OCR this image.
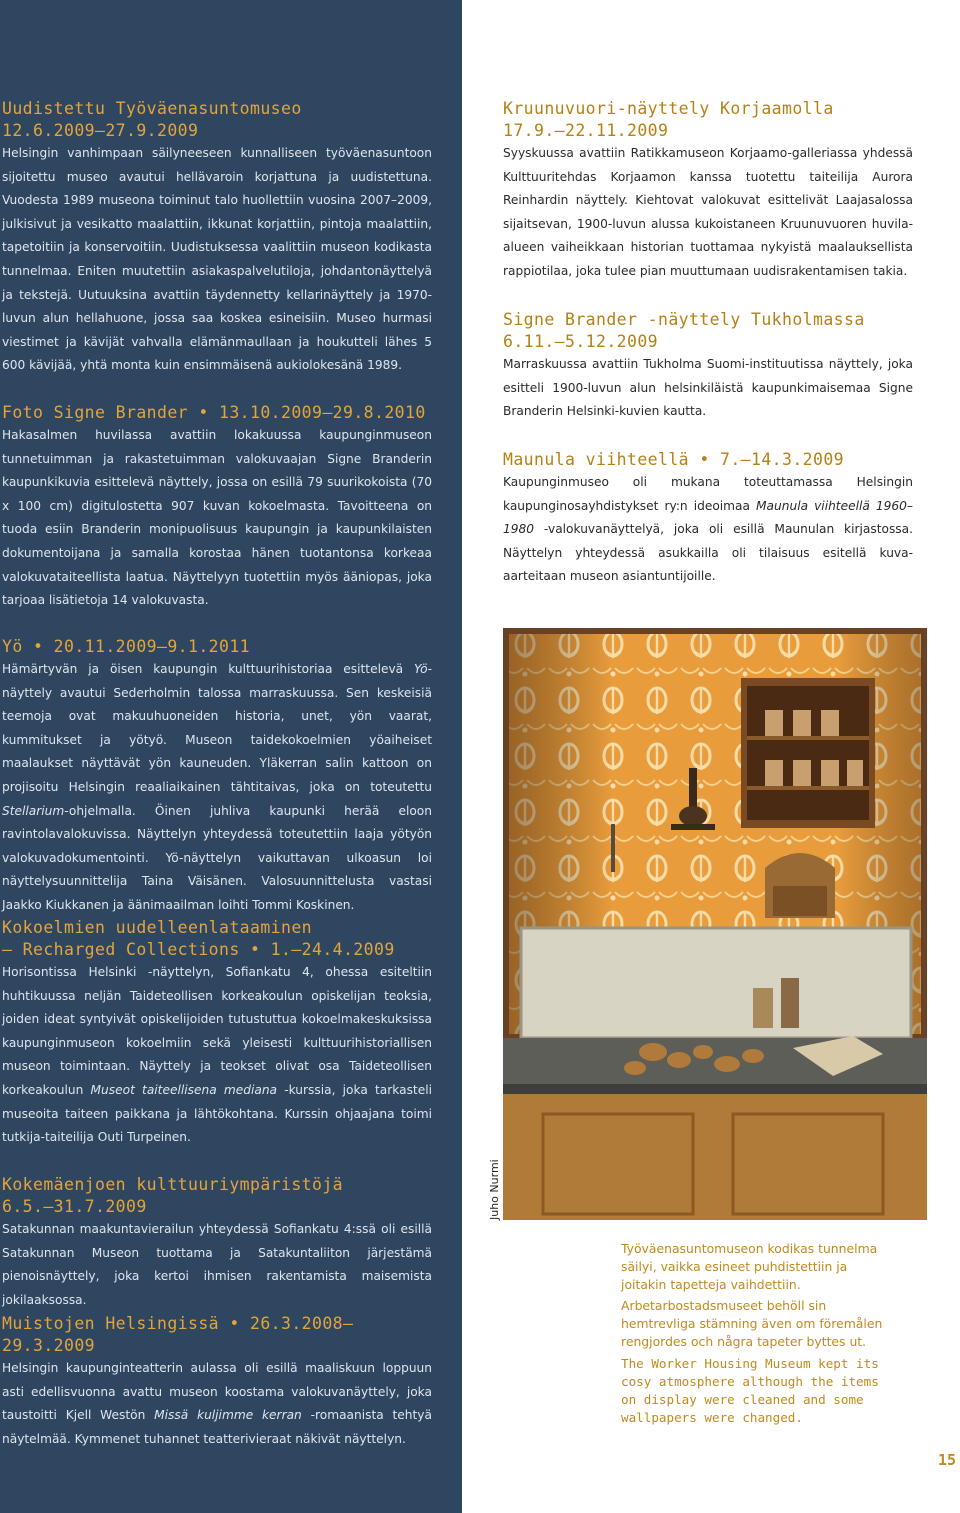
Uudistettu Työväenasuntomuseo
12.6.2009–27.9.2009

Helsingin vanhimpaan säilyneeseen kunnalliseen työväenasuntoon sijoitettu museo avautui hellävaroin korjattuna ja uudistettuna. Vuodesta 1989 museona toiminut talo huollettiin vuosina 2007–2009, julkisivut ja vesikatto maalattiin, ikkunat korjattiin, pintoja maalattiin, tapetoitiin ja konservoitiin. Uudistuksessa vaalittiin museon kodikasta tunnelmaa. Eniten muutettiin asiakaspalvelutiloja, johdantonäyttelyä ja tekstejä. Uutuuksina avattiin täydennetty kellarinäyttely ja 1970-luvun alun hellahuone, jossa saa koskea esineisiin. Museo hurmasi viestimet ja kävijät vahvalla elämänmaullaan ja houkutteli lähes 5 600 kävijää, yhtä monta kuin ensimmäisenä aukiolokesänä 1989.

Foto Signe Brander • 13.10.2009–29.8.2010

Hakasalmen huvilassa avattiin lokakuussa kaupunginmuseon tunnetuimman ja rakastetuimman valokuvaajan Signe Branderin kaupunkikuvia esittelevä näyttely, jossa on esillä 79 suurikokoista (70 x 100 cm) digitulostetta 907 kuvan kokoelmasta. Tavoitteena on tuoda esiin Branderin monipuolisuus kaupungin ja kaupunkilaisten dokumentoijana ja samalla korostaa hänen tuotantonsa korkeaa valokuvataiteellista laatua. Näyttelyyn tuotettiin myös ääniopas, joka tarjoaa lisätietoja 14 valokuvasta.

Yö • 20.11.2009–9.1.2011

Hämärtyvän ja öisen kaupungin kulttuurihistoriaa esittelevä Yö-näyttely avautui Sederholmin talossa marraskuussa. Sen keskeisiä teemoja ovat makuuhuoneiden historia, unet, yön vaarat, kummitukset ja yötyö. Museon taidekokoelmien yöaiheiset maalaukset näyttävät yön kauneuden. Yläkerran salin kattoon on projisoitu Helsingin reaaliaikainen tähtitaivas, joka on toteutettu Stellarium-ohjelmalla. Öinen juhliva kaupunki herää eloon ravintolavalokuvissa. Näyttelyn yhteydessä toteutettiin laaja yötyön valokuvadokumentointi. Yö-näyttelyn vaikuttavan ulkoasun loi näyttelysuunnittelija Taina Väisänen. Valosuunnittelusta vastasi Jaakko Kiukkanen ja äänimaailman loihti Tommi Koskinen.

Kokoelmien uudelleenlataaminen
– Recharged Collections • 1.–24.4.2009

Horisontissa Helsinki -näyttelyn, Sofiankatu 4, ohessa esiteltiin huhtikuussa neljän Taideteollisen korkeakoulun opiskelijan teoksia, joiden ideat syntyivät opiskelijoiden tutustuttua kokoelmakeskuksissa kaupunginmuseon kokoelmiin sekä yleisesti kulttuurihistoriallisen museon toimintaan. Näyttely ja teokset olivat osa Taideteollisen korkeakoulun Museot taiteellisena mediana -kurssia, joka tarkasteli museoita taiteen paikkana ja lähtökohtana. Kurssin ohjaajana toimi tutkija-taiteilija Outi Turpeinen.

Kokemäenjoen kulttuuriympäristöjä
6.5.–31.7.2009

Satakunnan maakuntavierailun yhteydessä Sofiankatu 4:ssä oli esillä Satakunnan Museon tuottama ja Satakuntaliiton järjestämä pienoisnäyttely, joka kertoi ihmisen rakentamista maisemista jokilaaksossa.

Muistojen Helsingissä • 26.3.2008–29.3.2009

Helsingin kaupunginteatterin aulassa oli esillä maaliskuun loppuun asti edellisvuonna avattu museon koostama valokuvanäyttely, joka taustoitti Kjell Westön Missä kuljimme kerran -romaanista tehtyä näytelmää. Kymmenet tuhannet teatterivieraat näkivät näyttelyn.

Kruunuvuori-näyttely Korjaamolla
17.9.–22.11.2009

Syyskuussa avattiin Ratikkamuseon Korjaamo-galleriassa yhdessä Kulttuuritehdas Korjaamon kanssa tuotettu taiteilija Aurora Reinhardin näyttely. Kiehtovat valokuvat esittelivät Laajasalossa sijaitsevan, 1900-luvun alussa kukoistaneen Kruunuvuoren huvila-alueen vaiheikkaan historian tuottamaa nykyistä maalauksellista rappiotilaa, joka tulee pian muuttumaan uudisrakentamisen takia.

Signe Brander -näyttely Tukholmassa
6.11.–5.12.2009

Marraskuussa avattiin Tukholma Suomi-instituutissa näyttely, joka esitteli 1900-luvun alun helsinkiläistä kaupunkimaisemaa Signe Branderin Helsinki-kuvien kautta.

Maunula viihteellä • 7.–14.3.2009

Kaupunginmuseo oli mukana toteuttamassa Helsingin kaupunginosayhdistykset ry:n ideoimaa Maunula viihteellä 1960–1980 -valokuvanäyttelyä, joka oli esillä Maunulan kirjastossa. Näyttelyn yhteydessä asukkailla oli tilaisuus esitellä kuva-aarteitaan museon asiantuntijoille.

Juho Nurmi

Työväenasuntomuseon kodikas tunnelma säilyi, vaikka esineet puhdistettiin ja joitakin tapetteja vaihdettiin.

Arbetarbostadsmuseet behöll sin hemtrevliga stämning även om föremålen rengjordes och några tapeter byttes ut.

The Worker Housing Museum kept its cosy atmosphere although the items on display were cleaned and some wallpapers were changed.

15
